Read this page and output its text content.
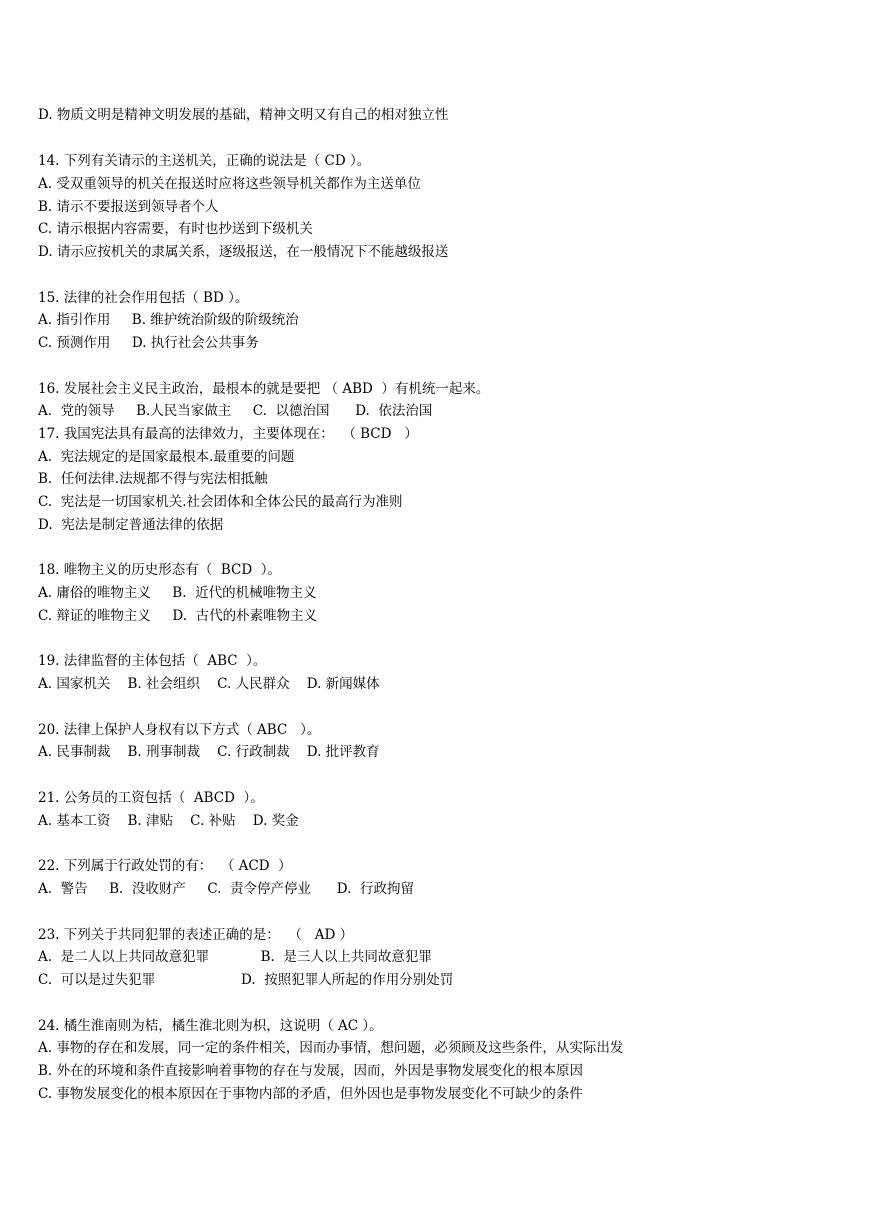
D. 物质文明是精神文明发展的基础，精神文明又有自己的相对独立性
14. 下列有关请示的主送机关，正确的说法是（ CD ）。
A. 受双重领导的机关在报送时应将这些领导机关都作为主送单位
B. 请示不要报送到领导者个人
C. 请示根据内容需要，有时也抄送到下级机关
D. 请示应按机关的隶属关系，逐级报送，在一般情况下不能越级报送
15. 法律的社会作用包括（ BD ）。
A. 指引作用     B. 维护统治阶级的阶级统治
C. 预测作用     D. 执行社会公共事务
16. 发展社会主义民主政治，最根本的就是要把 （ ABD  ）有机统一起来。
A.  党的领导     B.人民当家做主     C.  以德治国      D.  依法治国
17. 我国宪法具有最高的法律效力，主要体现在：  （ BCD   ）
A.  宪法规定的是国家最根本.最重要的问题
B.  任何法律.法规都不得与宪法相抵触
C.  宪法是一切国家机关.社会团体和全体公民的最高行为准则
D.  宪法是制定普通法律的依据
18. 唯物主义的历史形态有（  BCD  ）。
A. 庸俗的唯物主义     B.  近代的机械唯物主义
C. 辩证的唯物主义     D.  古代的朴素唯物主义
19. 法律监督的主体包括（  ABC  ）。
A. 国家机关    B. 社会组织    C. 人民群众    D. 新闻媒体
20. 法律上保护人身权有以下方式（ ABC   ）。
A. 民事制裁    B. 刑事制裁    C. 行政制裁    D. 批评教育
21. 公务员的工资包括（  ABCD  ）。
A. 基本工资    B. 津贴    C. 补贴    D. 奖金
22. 下列属于行政处罚的有：  （ ACD  ）
A.  警告     B.  没收财产     C.  责令停产停业      D.  行政拘留
23. 下列关于共同犯罪的表述正确的是：  （   AD ）
A.  是二人以上共同故意犯罪            B.  是三人以上共同故意犯罪
C.  可以是过失犯罪                    D.  按照犯罪人所起的作用分别处罚
24. 橘生淮南则为桔，橘生淮北则为枳，这说明（ AC ）。
A. 事物的存在和发展，同一定的条件相关，因而办事情，想问题，必须顾及这些条件，从实际出发
B. 外在的环境和条件直接影响着事物的存在与发展，因而，外因是事物发展变化的根本原因
C. 事物发展变化的根本原因在于事物内部的矛盾，但外因也是事物发展变化不可缺少的条件
